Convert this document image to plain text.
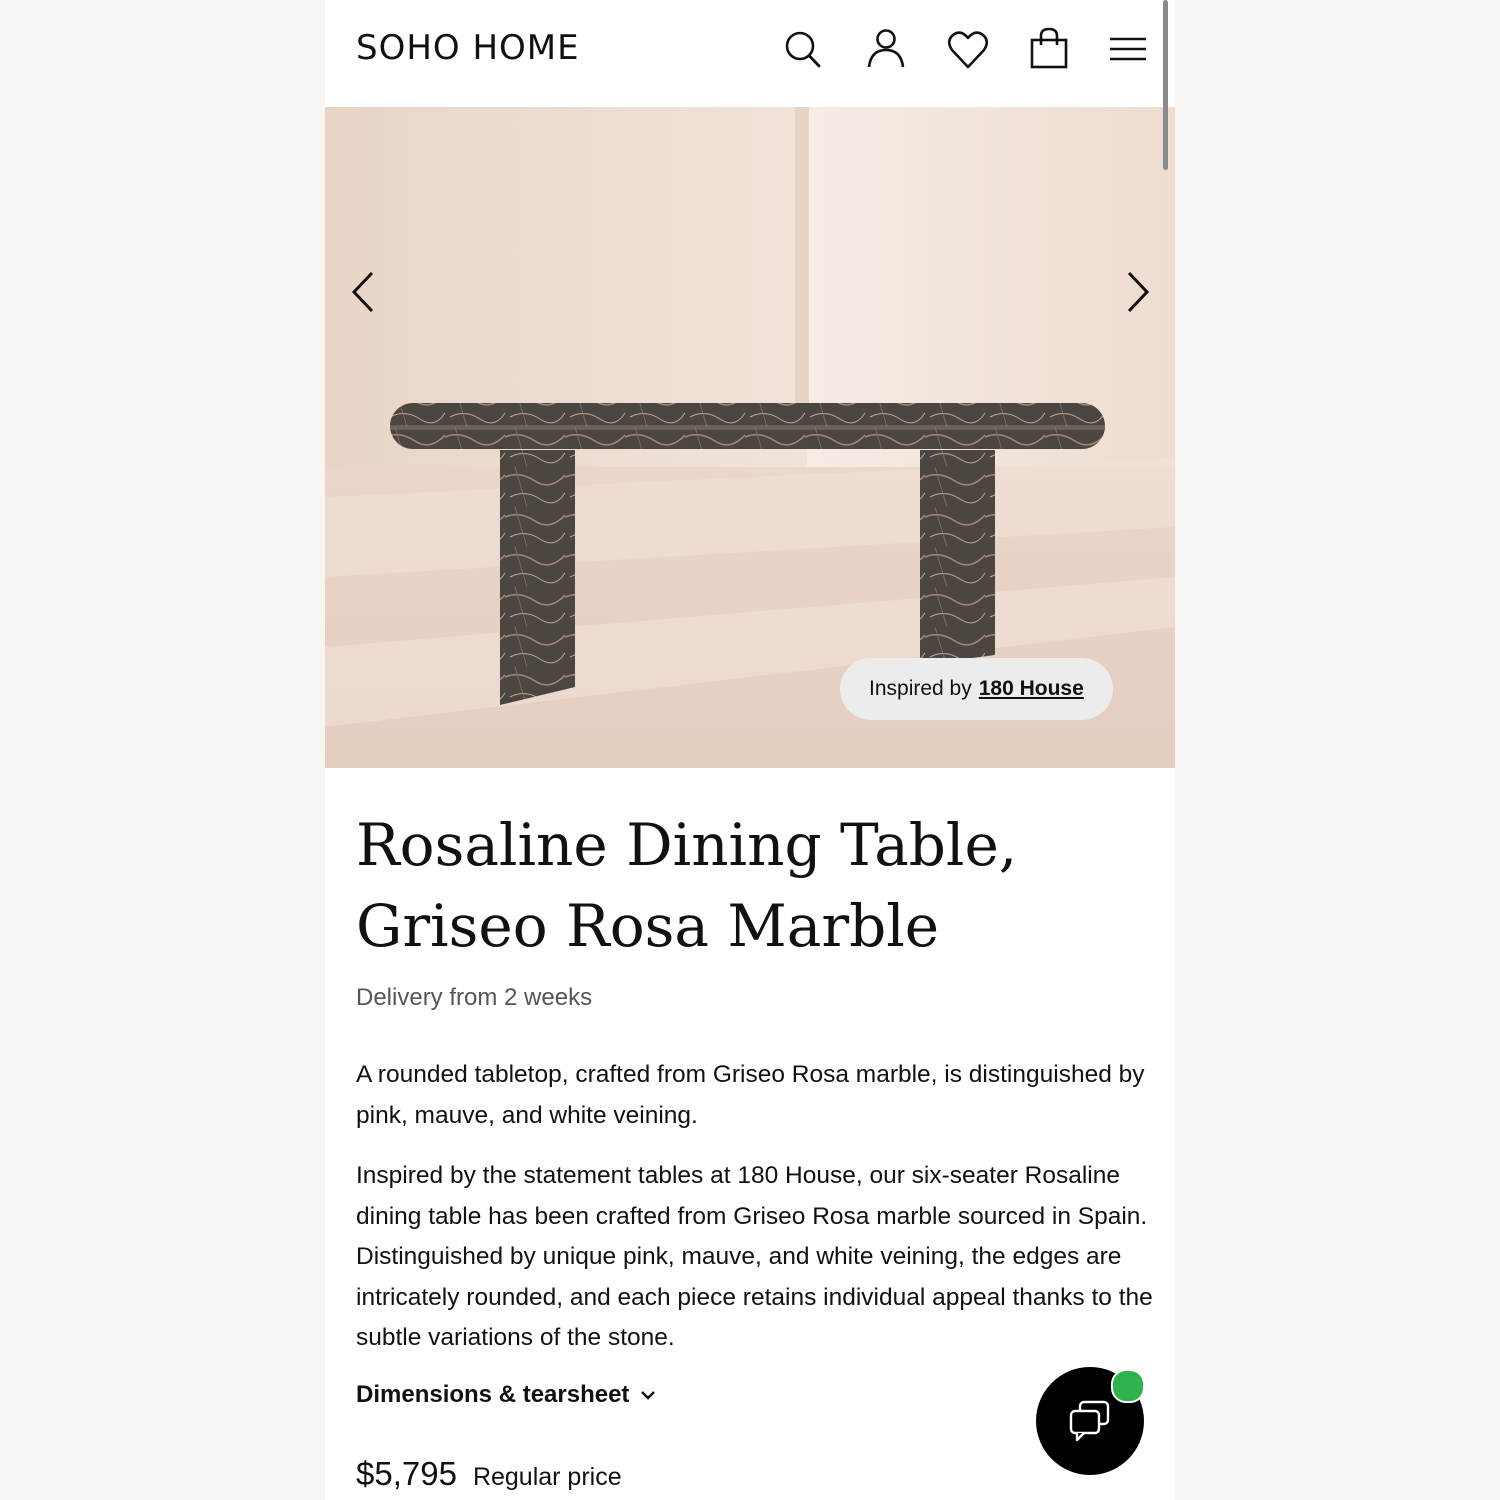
SOHO HOME
Inspired by 180 House
Rosaline Dining Table, Griseo Rosa Marble
Delivery from 2 weeks

A rounded tabletop, crafted from Griseo Rosa marble, is distinguished by pink, mauve, and white veining.

Inspired by the statement tables at 180 House, our six-seater Rosaline dining table has been crafted from Griseo Rosa marble sourced in Spain. Distinguished by unique pink, mauve, and white veining, the edges are intricately rounded, and each piece retains individual appeal thanks to the subtle variations of the stone.

Dimensions & tearsheet
$5,795 Regular price
